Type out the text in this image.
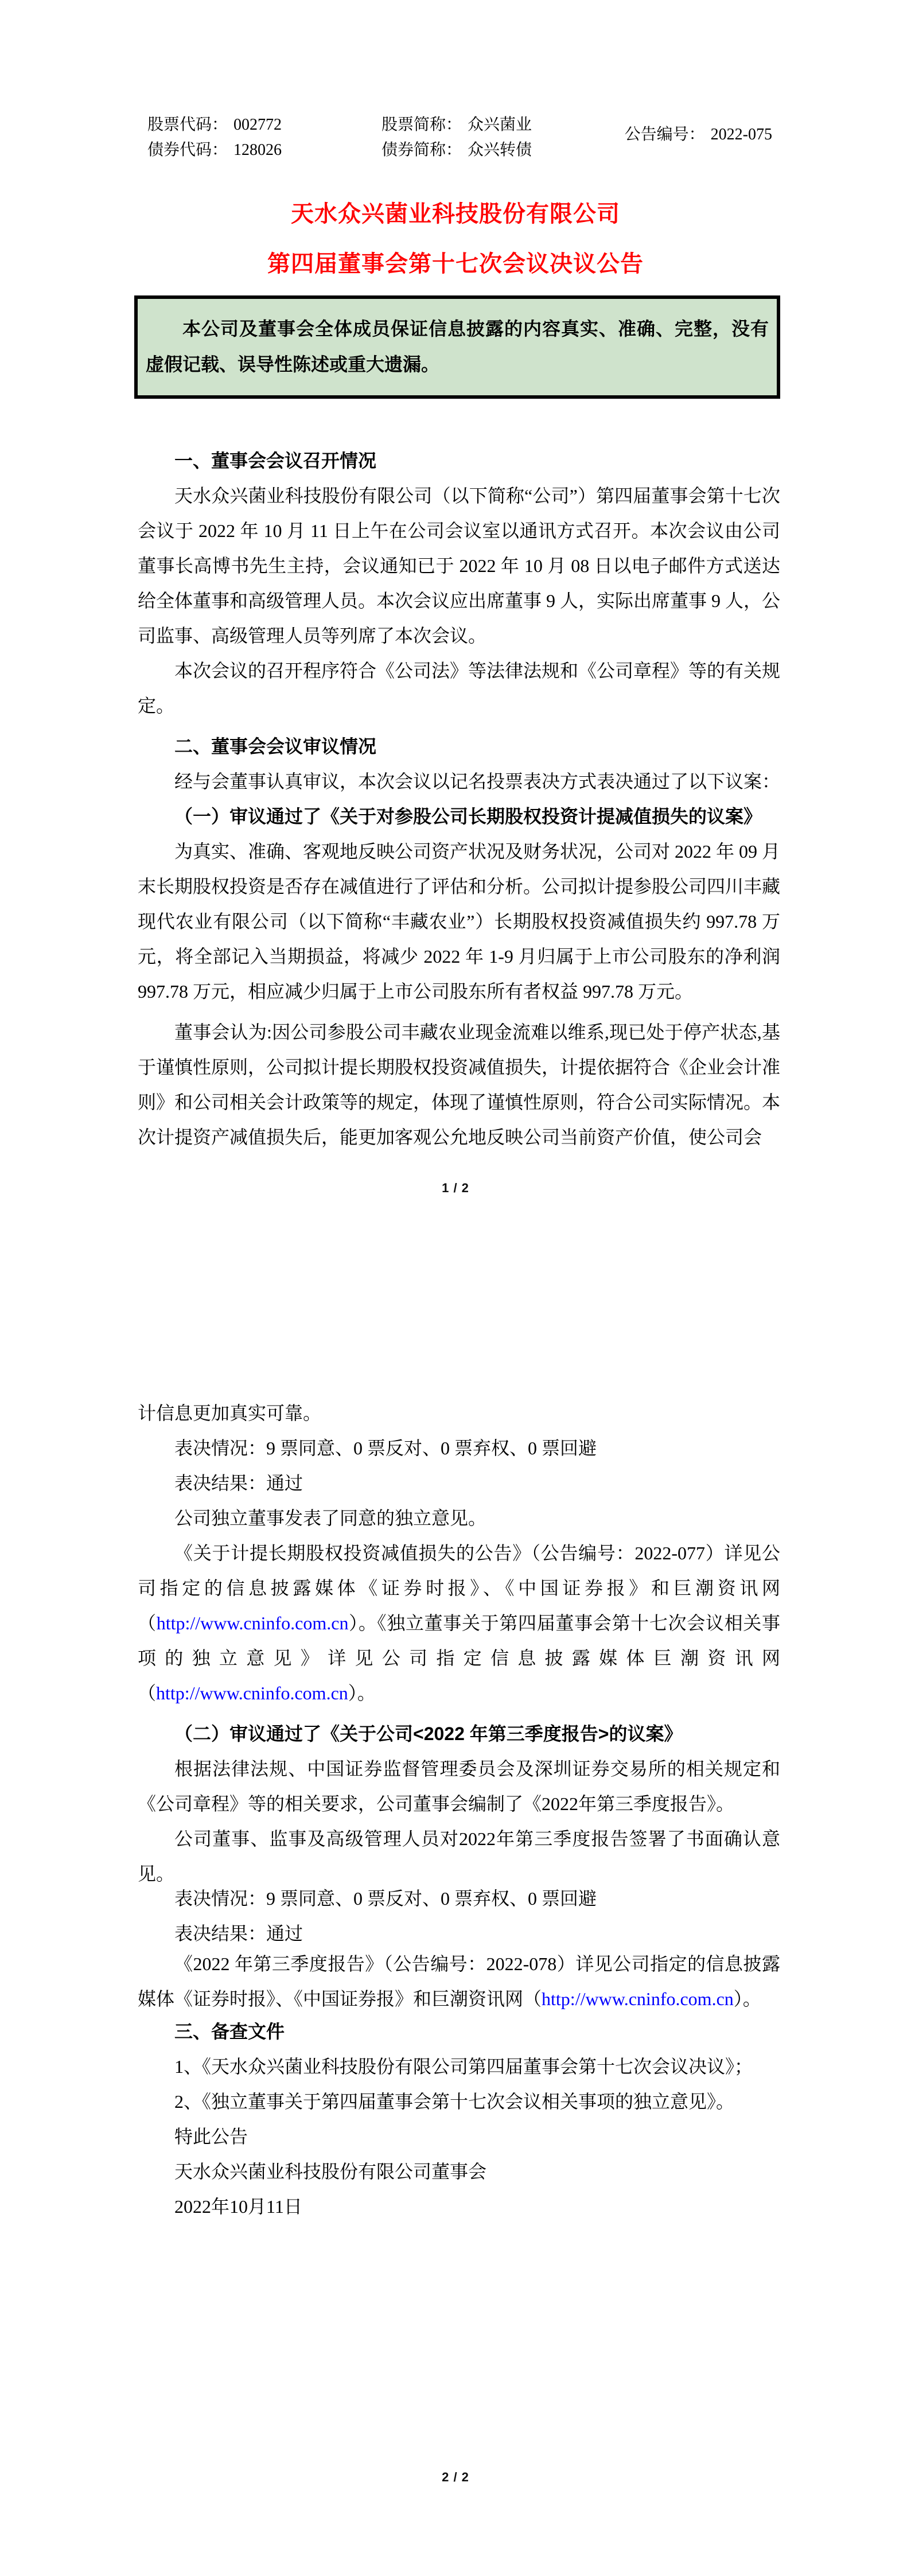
股票代码： 002772
债券代码： 128026
股票简称： 众兴菌业
债券简称： 众兴转债
公告编号： 2022-075
天水众兴菌业科技股份有限公司
第四届董事会第十七次会议决议公告
本公司及董事会全体成员保证信息披露的内容真实、准确、完整，没有虚假记载、误导性陈述或重大遗漏。

一、董事会会议召开情况

天水众兴菌业科技股份有限公司（以下简称“公司”）第四届董事会第十七次会议于 2022 年 10 月 11 日上午在公司会议室以通讯方式召开。本次会议由公司董事长高博书先生主持，会议通知已于 2022 年 10 月 08 日以电子邮件方式送达给全体董事和高级管理人员。本次会议应出席董事 9 人，实际出席董事 9 人，公司监事、高级管理人员等列席了本次会议。

本次会议的召开程序符合《公司法》等法律法规和《公司章程》等的有关规定。

二、董事会会议审议情况

经与会董事认真审议，本次会议以记名投票表决方式表决通过了以下议案：

（一）审议通过了《关于对参股公司长期股权投资计提减值损失的议案》

为真实、准确、客观地反映公司资产状况及财务状况，公司对 2022 年 09 月末长期股权投资是否存在减值进行了评估和分析。公司拟计提参股公司四川丰藏现代农业有限公司（以下简称“丰藏农业”）长期股权投资减值损失约 997.78 万元，将全部记入当期损益，将减少 2022 年 1-9 月归属于上市公司股东的净利润 997.78 万元，相应减少归属于上市公司股东所有者权益 997.78 万元。

董事会认为:因公司参股公司丰藏农业现金流难以维系,现已处于停产状态,基于谨慎性原则，公司拟计提长期股权投资减值损失，计提依据符合《企业会计准则》和公司相关会计政策等的规定，体现了谨慎性原则，符合公司实际情况。本次计提资产减值损失后，能更加客观公允地反映公司当前资产价值，使公司会

1 / 2

计信息更加真实可靠。

表决情况：9 票同意、0 票反对、0 票弃权、0 票回避

表决结果：通过

公司独立董事发表了同意的独立意见。

《关于计提长期股权投资减值损失的公告》（公告编号：2022-077）详见公司指定的信息披露媒体《证券时报》、《中国证券报》和巨潮资讯网（http://www.cninfo.com.cn）。《独立董事关于第四届董事会第十七次会议相关事项的独立意见》详见公司指定信息披露媒体巨潮资讯网（http://www.cninfo.com.cn）。

（二）审议通过了《关于公司<2022 年第三季度报告>的议案》

根据法律法规、中国证券监督管理委员会及深圳证券交易所的相关规定和《公司章程》等的相关要求，公司董事会编制了《2022年第三季度报告》。

公司董事、监事及高级管理人员对2022年第三季度报告签署了书面确认意见。

表决情况：9 票同意、0 票反对、0 票弃权、0 票回避

表决结果：通过

《2022 年第三季度报告》（公告编号：2022-078）详见公司指定的信息披露媒体《证券时报》、《中国证券报》和巨潮资讯网（http://www.cninfo.com.cn）。

三、备查文件

1、《天水众兴菌业科技股份有限公司第四届董事会第十七次会议决议》；

2、《独立董事关于第四届董事会第十七次会议相关事项的独立意见》。

特此公告

天水众兴菌业科技股份有限公司董事会

2022年10月11日

2 / 2
